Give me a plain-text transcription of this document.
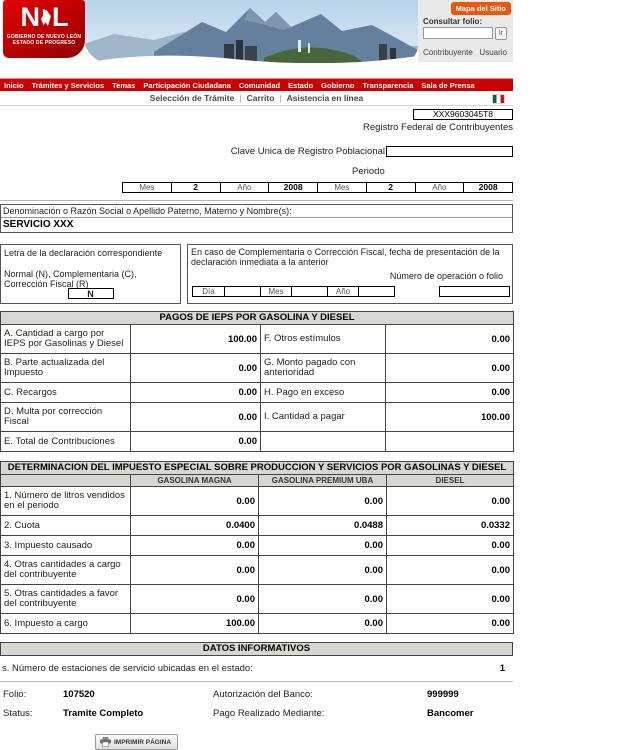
N L
GOBIERNO DE NUEVO LEÓN
ESTADO DE PROGRESO
Mapa del Sitio
Consultar folio:
Ir
Contribuyente Usuario
Inicio Trámites y Servicios Temas Participación Ciudadana Comunidad Estado Gobierno Transparencia Sala de Prensa
Selección de Trámite | Carrito | Asistencia en línea
XXX9603045T8
Registro Federal de Contribuyentes
Clave Unica de Registro Poblacional
Periodo
Mes	2	Año	2008	Mes	2	Año	2008
Denominación o Razón Social o Apellido Paterno, Materno y Nombre(s):
SERVICIO XXX
Letra de la declaración correspondiente
Normal (N), Complementaria (C), Corrección Fiscal (R)
N
En caso de Complementaria o Corrección Fiscal, fecha de presentación de la declaración inmediata a la anterior
Número de operación o folio
Día	Mes	Año
PAGOS DE IEPS POR GASOLINA Y DIESEL			
A. Cantidad a cargo por IEPS por Gasolinas y Diesel	100.00	F. Otros estímulos	0.00
B. Parte actualizada del Impuesto	0.00	G. Monto pagado con anterioridad	0.00
C. Recargos	0.00	H. Pago en exceso	0.00
D. Multa por corrección Fiscal	0.00	I. Cantidad a pagar	100.00
E. Total de Contribuciones	0.00		
DETERMINACION DEL IMPUESTO ESPECIAL SOBRE PRODUCCION Y SERVICIOS POR GASOLINAS Y DIESEL			
	GASOLINA MAGNA	GASOLINA PREMIUM UBA	DIESEL
1. Número de litros vendidos en el periodo	0.00	0.00	0.00
2. Cuota	0.0400	0.0488	0.0332
3. Impuesto causado	0.00	0.00	0.00
4. Otras cantidades a cargo del contribuyente	0.00	0.00	0.00
5. Otras cantidades a favor del contribuyente	0.00	0.00	0.00
6. Impuesto a cargo	100.00	0.00	0.00
DATOS INFORMATIVOS
s. Número de estaciones de servicio ubicadas en el estado:	1
Folio:	107520	Autorización del Banco:	999999
Status:	Tramite Completo	Pago Realizado Mediante:	Bancomer
IMPRIMIR PÁGINA
